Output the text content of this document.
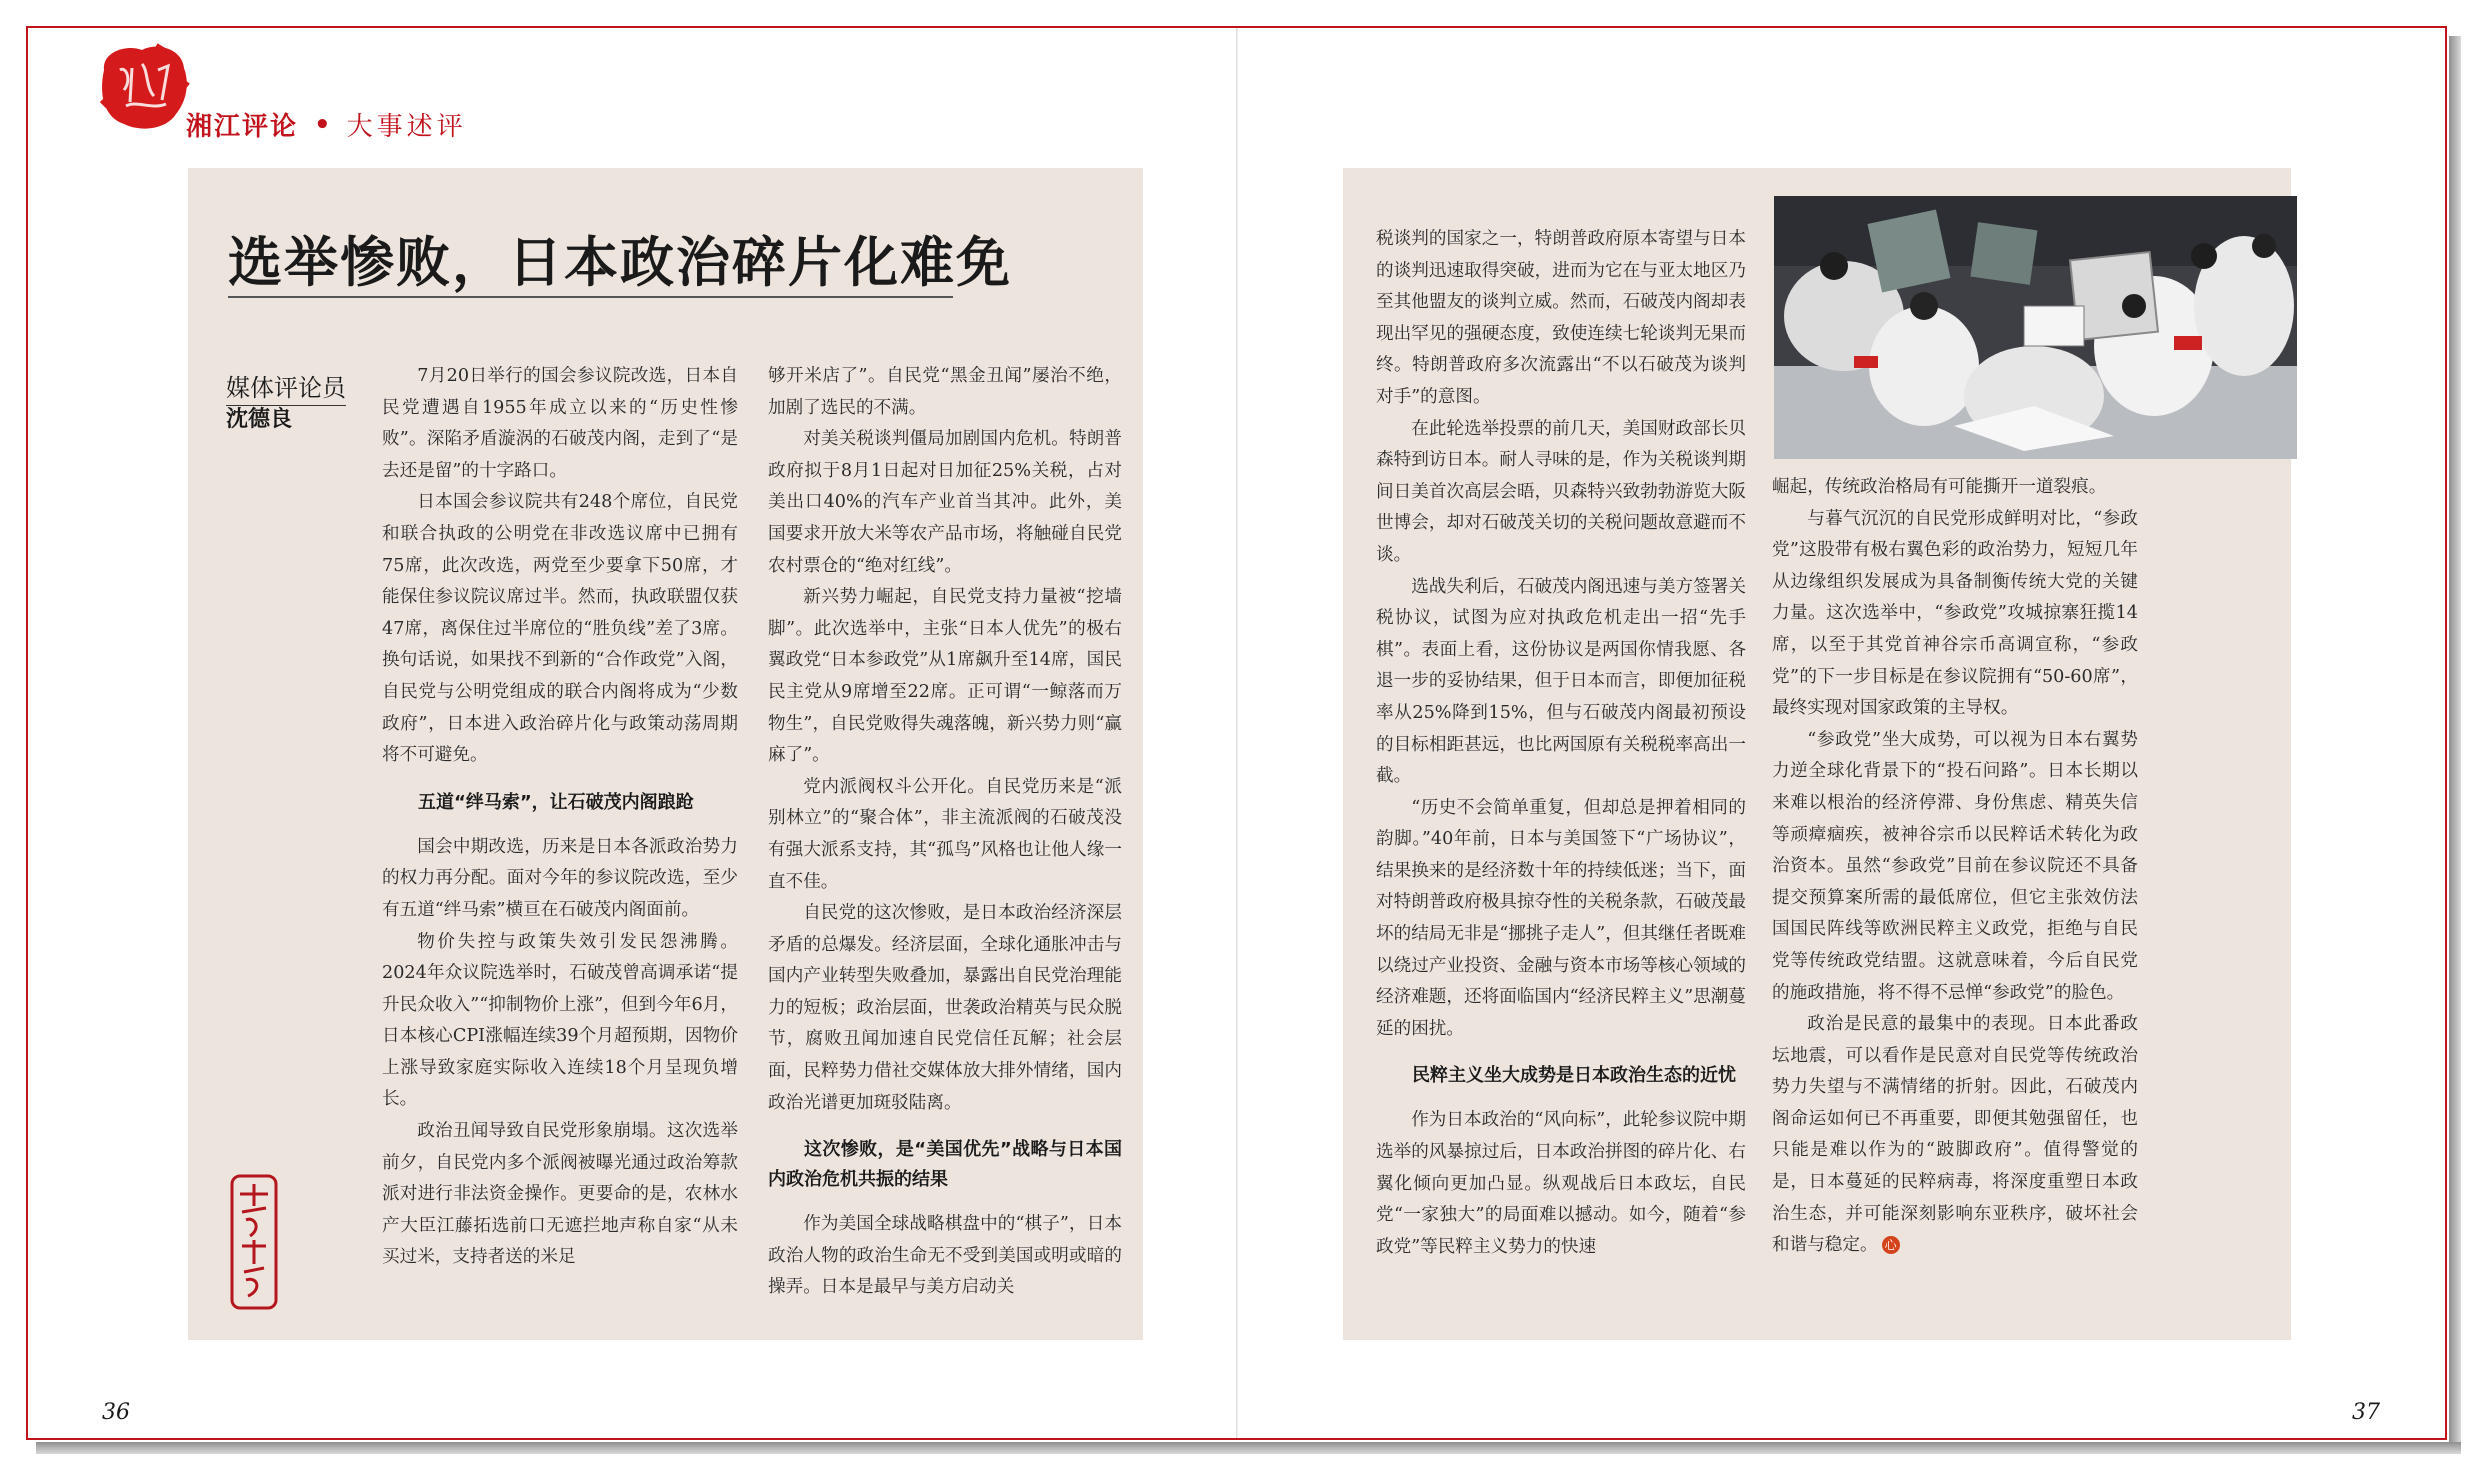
湘江评论 • 大事述评
选举惨败，日本政治碎片化难免
媒体评论员
沈德良

7月20日举行的国会参议院改选，日本自民党遭遇自1955年成立以来的“历史性惨败”。深陷矛盾漩涡的石破茂内阁，走到了“是去还是留”的十字路口。

日本国会参议院共有248个席位，自民党和联合执政的公明党在非改选议席中已拥有75席，此次改选，两党至少要拿下50席，才能保住参议院议席过半。然而，执政联盟仅获47席，离保住过半席位的“胜负线”差了3席。换句话说，如果找不到新的“合作政党”入阁，自民党与公明党组成的联合内阁将成为“少数政府”，日本进入政治碎片化与政策动荡周期将不可避免。

五道“绊马索”，让石破茂内阁踉跄

国会中期改选，历来是日本各派政治势力的权力再分配。面对今年的参议院改选，至少有五道“绊马索”横亘在石破茂内阁面前。

物价失控与政策失效引发民怨沸腾。2024年众议院选举时，石破茂曾高调承诺“提升民众收入”“抑制物价上涨”，但到今年6月，日本核心CPI涨幅连续39个月超预期，因物价上涨导致家庭实际收入连续18个月呈现负增长。

政治丑闻导致自民党形象崩塌。这次选举前夕，自民党内多个派阀被曝光通过政治筹款派对进行非法资金操作。更要命的是，农林水产大臣江藤拓选前口无遮拦地声称自家“从未买过米，支持者送的米足

够开米店了”。自民党“黑金丑闻”屡治不绝，加剧了选民的不满。

对美关税谈判僵局加剧国内危机。特朗普政府拟于8月1日起对日加征25%关税，占对美出口40%的汽车产业首当其冲。此外，美国要求开放大米等农产品市场，将触碰自民党农村票仓的“绝对红线”。

新兴势力崛起，自民党支持力量被“挖墙脚”。此次选举中，主张“日本人优先”的极右翼政党“日本参政党”从1席飙升至14席，国民民主党从9席增至22席。正可谓“一鲸落而万物生”，自民党败得失魂落魄，新兴势力则“赢麻了”。

党内派阀权斗公开化。自民党历来是“派别林立”的“聚合体”，非主流派阀的石破茂没有强大派系支持，其“孤鸟”风格也让他人缘一直不佳。

自民党的这次惨败，是日本政治经济深层矛盾的总爆发。经济层面，全球化通胀冲击与国内产业转型失败叠加，暴露出自民党治理能力的短板；政治层面，世袭政治精英与民众脱节，腐败丑闻加速自民党信任瓦解；社会层面，民粹势力借社交媒体放大排外情绪，国内政治光谱更加斑驳陆离。

这次惨败，是“美国优先”战略与日本国内政治危机共振的结果

作为美国全球战略棋盘中的“棋子”，日本政治人物的政治生命无不受到美国或明或暗的操弄。日本是最早与美方启动关

税谈判的国家之一，特朗普政府原本寄望与日本的谈判迅速取得突破，进而为它在与亚太地区乃至其他盟友的谈判立威。然而，石破茂内阁却表现出罕见的强硬态度，致使连续七轮谈判无果而终。特朗普政府多次流露出“不以石破茂为谈判对手”的意图。

在此轮选举投票的前几天，美国财政部长贝森特到访日本。耐人寻味的是，作为关税谈判期间日美首次高层会晤，贝森特兴致勃勃游览大阪世博会，却对石破茂关切的关税问题故意避而不谈。

选战失利后，石破茂内阁迅速与美方签署关税协议，试图为应对执政危机走出一招“先手棋”。表面上看，这份协议是两国你情我愿、各退一步的妥协结果，但于日本而言，即便加征税率从25%降到15%，但与石破茂内阁最初预设的目标相距甚远，也比两国原有关税税率高出一截。

“历史不会简单重复，但却总是押着相同的韵脚。”40年前，日本与美国签下“广场协议”，结果换来的是经济数十年的持续低迷；当下，面对特朗普政府极具掠夺性的关税条款，石破茂最坏的结局无非是“挪挑子走人”，但其继任者既难以绕过产业投资、金融与资本市场等核心领域的经济难题，还将面临国内“经济民粹主义”思潮蔓延的困扰。

民粹主义坐大成势是日本政治生态的近忧

作为日本政治的“风向标”，此轮参议院中期选举的风暴掠过后，日本政治拼图的碎片化、右翼化倾向更加凸显。纵观战后日本政坛，自民党“一家独大”的局面难以撼动。如今，随着“参政党”等民粹主义势力的快速

崛起，传统政治格局有可能撕开一道裂痕。

与暮气沉沉的自民党形成鲜明对比，“参政党”这股带有极右翼色彩的政治势力，短短几年从边缘组织发展成为具备制衡传统大党的关键力量。这次选举中，“参政党”攻城掠寨狂揽14席，以至于其党首神谷宗币高调宣称，“参政党”的下一步目标是在参议院拥有“50-60席”，最终实现对国家政策的主导权。

“参政党”坐大成势，可以视为日本右翼势力逆全球化背景下的“投石问路”。日本长期以来难以根治的经济停滞、身份焦虑、精英失信等顽瘴痼疾，被神谷宗币以民粹话术转化为政治资本。虽然“参政党”目前在参议院还不具备提交预算案所需的最低席位，但它主张效仿法国国民阵线等欧洲民粹主义政党，拒绝与自民党等传统政党结盟。这就意味着，今后自民党的施政措施，将不得不忌惮“参政党”的脸色。

政治是民意的最集中的表现。日本此番政坛地震，可以看作是民意对自民党等传统政治势力失望与不满情绪的折射。因此，石破茂内阁命运如何已不再重要，即便其勉强留任，也只能是难以作为的“跛脚政府”。值得警觉的是，日本蔓延的民粹病毒，将深度重塑日本政治生态，并可能深刻影响东亚秩序，破坏社会和谐与稳定。 心

36	37
